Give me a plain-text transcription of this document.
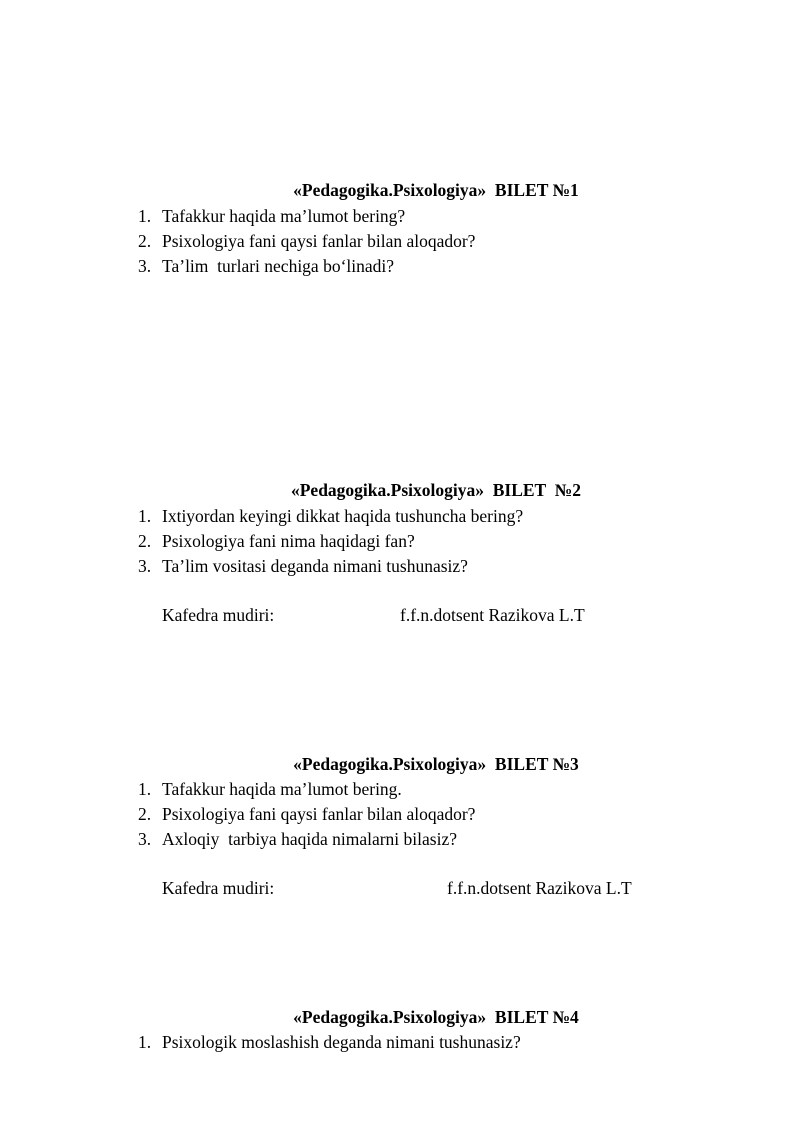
«Pedagogika.Psixologiya»  BILET №1
1. Tafakkur haqida ma’lumot bering?
2. Psixologiya fani qaysi fanlar bilan aloqador?
3. Ta’lim  turlari nechiga bo‘linadi?
«Pedagogika.Psixologiya»  BILET  №2
1. Ixtiyordan keyingi dikkat haqida tushuncha bering?
2. Psixologiya fani nima haqidagi fan?
3. Ta’lim vositasi deganda nimani tushunasiz?
Kafedra mudiri:	f.f.n.dotsent Razikova L.T
«Pedagogika.Psixologiya»  BILET №3
1. Tafakkur haqida ma’lumot bering.
2. Psixologiya fani qaysi fanlar bilan aloqador?
3. Axloqiy  tarbiya haqida nimalarni bilasiz?
Kafedra mudiri:	f.f.n.dotsent Razikova L.T
«Pedagogika.Psixologiya»  BILET №4
1. Psixologik moslashish deganda nimani tushunasiz?
